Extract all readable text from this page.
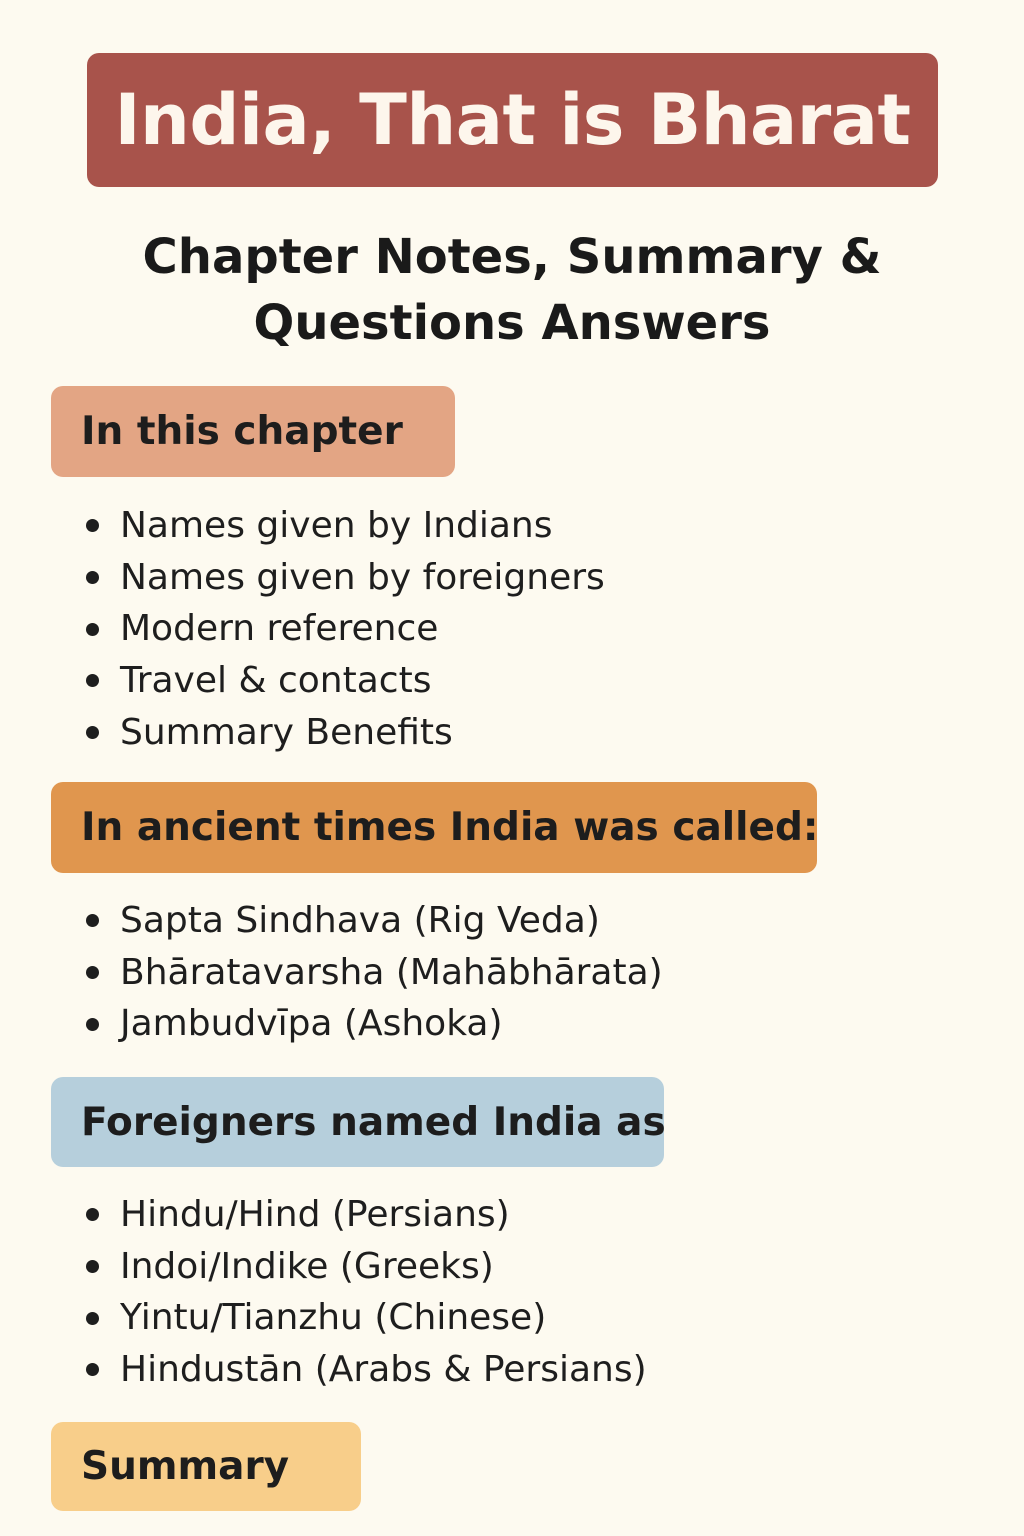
India, That is Bharat
Chapter Notes, Summary &
Questions Answers
In this chapter
Names given by Indians
Names given by foreigners
Modern reference
Travel & contacts
Summary Benefits
In ancient times India was called:
Sapta Sindhava (Rig Veda)
Bhāratavarsha (Mahābhārata)
Jambudvīpa (Ashoka)
Foreigners named India as
Hindu/Hind (Persians)
Indoi/Indike (Greeks)
Yintu/Tianzhu (Chinese)
Hindustān (Arabs & Persians)
Summary
